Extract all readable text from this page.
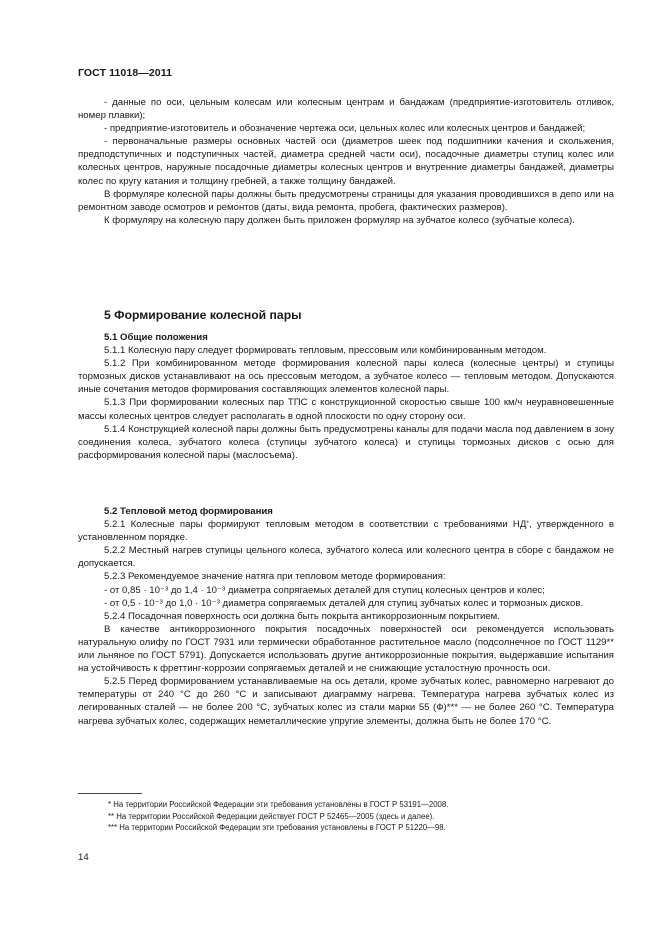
ГОСТ 11018—2011

- данные по оси, цельным колесам или колесным центрам и бандажам (предприятие-изготовитель отливок, номер плавки);

- предприятие-изготовитель и обозначение чертежа оси, цельных колес или колесных центров и бандажей;

- первоначальные размеры основных частей оси (диаметров шеек под подшипники качения и скольжения, предподступичных и подступичных частей, диаметра средней части оси), посадочные диаметры ступиц колес или колесных центров, наружные посадочные диаметры колесных центров и внутренние диаметры бандажей, диаметры колес по кругу катания и толщину гребней, а также толщину бандажей.

В формуляре колесной пары должны быть предусмотрены страницы для указания проводившихся в депо или на ремонтном заводе осмотров и ремонтов (даты, вида ремонта, пробега, фактических размеров).

К формуляру на колесную пару должен быть приложен формуляр на зубчатое колесо (зубчатые колеса).

5 Формирование колесной пары

5.1 Общие положения

5.1.1 Колесную пару следует формировать тепловым, прессовым или комбинированным методом.

5.1.2 При комбинированном методе формирования колесной пары колеса (колесные центры) и ступицы тормозных дисков устанавливают на ось прессовым методом, а зубчатое колесо — тепловым методом. Допускаются иные сочетания методов формирования составляющих элементов колесной пары.

5.1.3 При формировании колесных пар ТПС с конструкционной скоростью свыше 100 км/ч неуравновешенные массы колесных центров следует располагать в одной плоскости по одну сторону оси.

5.1.4 Конструкцией колесной пары должны быть предусмотрены каналы для подачи масла под давлением в зону соединения колеса, зубчатого колеса (ступицы зубчатого колеса) и ступицы тормозных дисков с осью для расформирования колесной пары (маслосъема).

5.2 Тепловой метод формирования

5.2.1 Колесные пары формируют тепловым методом в соответствии с требованиями НД*, утвержденного в установленном порядке.

5.2.2 Местный нагрев ступицы цельного колеса, зубчатого колеса или колесного центра в сборе с бандажом не допускается.

5.2.3 Рекомендуемое значение натяга при тепловом методе формирования:

- от 0,85 · 10⁻³ до 1,4 · 10⁻³ диаметра сопрягаемых деталей для ступиц колесных центров и колес;

- от 0,5 · 10⁻³ до 1,0 · 10⁻³ диаметра сопрягаемых деталей для ступиц зубчатых колес и тормозных дисков.

5.2.4 Посадочная поверхность оси должна быть покрыта антикоррозионным покрытием.

В качестве антикоррозионного покрытия посадочных поверхностей оси рекомендуется использовать натуральную олифу по ГОСТ 7931 или термически обработанное растительное масло (подсолнечное по ГОСТ 1129** или льняное по ГОСТ 5791). Допускается использовать другие антикоррозионные покрытия, выдержавшие испытания на устойчивость к фреттинг-коррозии сопрягаемых деталей и не снижающие усталостную прочность оси.

5.2.5 Перед формированием устанавливаемые на ось детали, кроме зубчатых колес, равномерно нагревают до температуры от 240 °С до 260 °С и записывают диаграмму нагрева. Температура нагрева зубчатых колес из легированных сталей — не более 200 °С, зубчатых колес из стали марки 55 (Ф)*** — не более 260 °С. Температура нагрева зубчатых колес, содержащих неметаллические упругие элементы, должна быть не более 170 °С.

* На территории Российской Федерации эти требования установлены в ГОСТ Р 53191—2008.

** На территории Российской Федерации действует ГОСТ Р 52465—2005 (здесь и далее).

*** На территории Российской Федерации эти требования установлены в ГОСТ Р 51220—98.

14
